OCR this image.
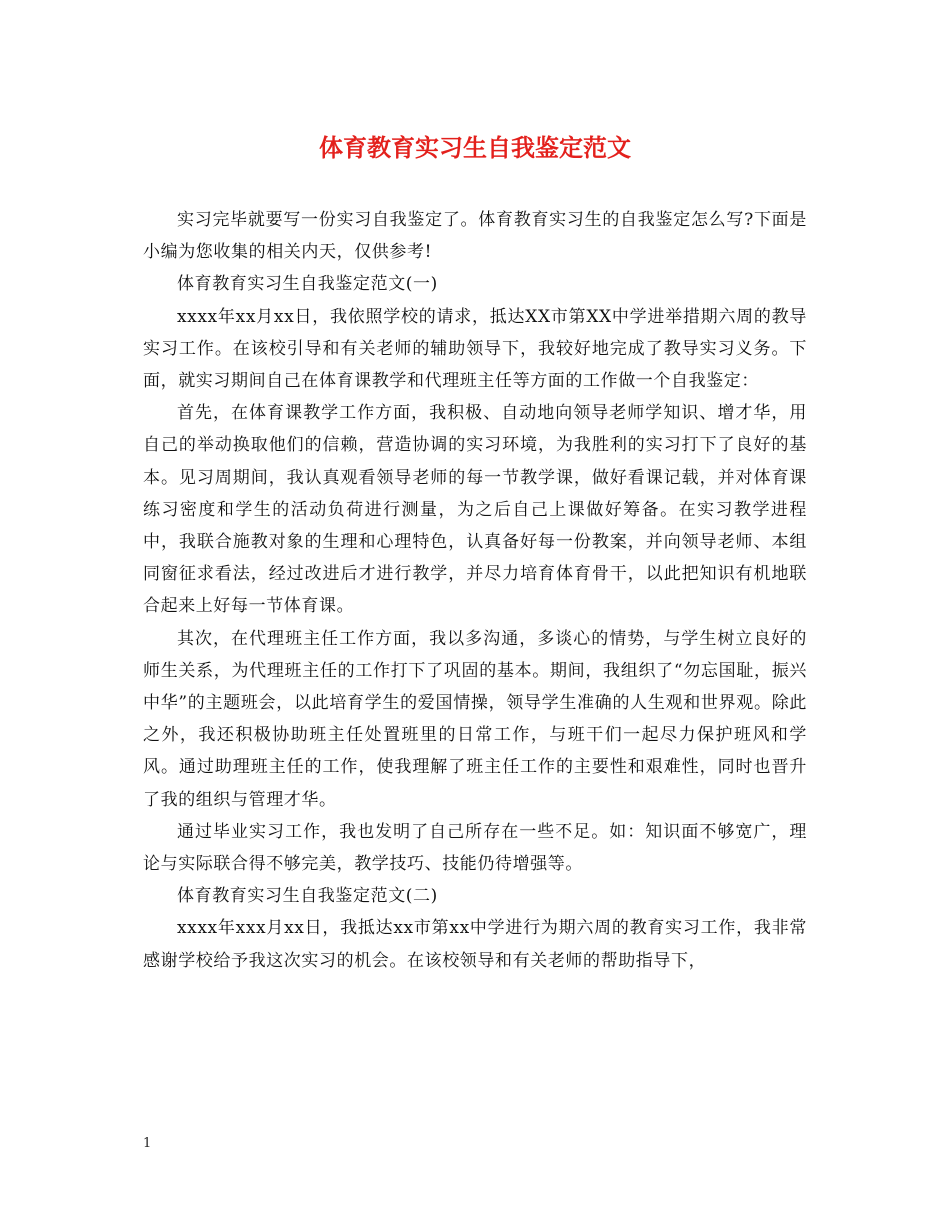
体育教育实习生自我鉴定范文

实习完毕就要写一份实习自我鉴定了。体育教育实习生的自我鉴定怎么写?下面是小编为您收集的相关内天，仅供参考!

体育教育实习生自我鉴定范文(一)

xxxx年xx月xx日，我依照学校的请求，抵达XX市第XX中学进举措期六周的教导实习工作。在该校引导和有关老师的辅助领导下，我较好地完成了教导实习义务。下面，就实习期间自己在体育课教学和代理班主任等方面的工作做一个自我鉴定：

首先，在体育课教学工作方面，我积极、自动地向领导老师学知识、增才华，用自己的举动换取他们的信赖，营造协调的实习环境，为我胜利的实习打下了良好的基本。见习周期间，我认真观看领导老师的每一节教学课，做好看课记载，并对体育课练习密度和学生的活动负荷进行测量，为之后自己上课做好筹备。在实习教学进程中，我联合施教对象的生理和心理特色，认真备好每一份教案，并向领导老师、本组同窗征求看法，经过改进后才进行教学，并尽力培育体育骨干，以此把知识有机地联合起来上好每一节体育课。

其次，在代理班主任工作方面，我以多沟通，多谈心的情势，与学生树立良好的师生关系，为代理班主任的工作打下了巩固的基本。期间，我组织了“勿忘国耻，振兴中华”的主题班会，以此培育学生的爱国情操，领导学生准确的人生观和世界观。除此之外，我还积极协助班主任处置班里的日常工作，与班干们一起尽力保护班风和学风。通过助理班主任的工作，使我理解了班主任工作的主要性和艰难性，同时也晋升了我的组织与管理才华。

通过毕业实习工作，我也发明了自己所存在一些不足。如：知识面不够宽广，理论与实际联合得不够完美，教学技巧、技能仍待增强等。

体育教育实习生自我鉴定范文(二)

xxxx年xxx月xx日，我抵达xx市第xx中学进行为期六周的教育实习工作，我非常感谢学校给予我这次实习的机会。在该校领导和有关老师的帮助指导下，

1
